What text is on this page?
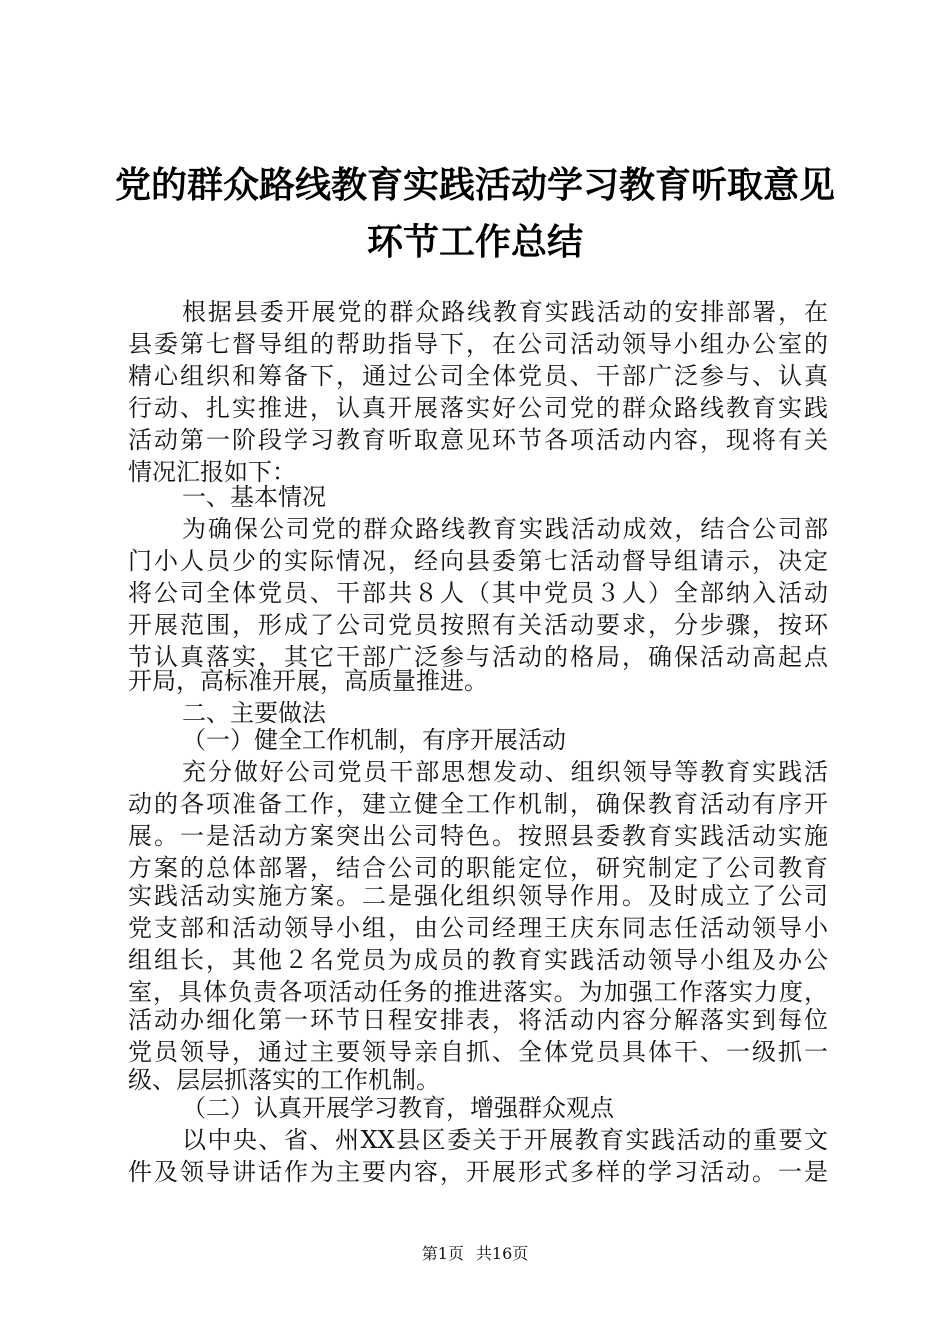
党的群众路线教育实践活动学习教育听取意见
环节工作总结
根据县委开展党的群众路线教育实践活动的安排部署，在
县委第七督导组的帮助指导下，在公司活动领导小组办公室的
精心组织和筹备下，通过公司全体党员、干部广泛参与、认真
行动、扎实推进，认真开展落实好公司党的群众路线教育实践
活动第一阶段学习教育听取意见环节各项活动内容，现将有关
情况汇报如下：
一、基本情况
为确保公司党的群众路线教育实践活动成效，结合公司部
门小人员少的实际情况，经向县委第七活动督导组请示，决定
将公司全体党员、干部共８人（其中党员３人）全部纳入活动
开展范围，形成了公司党员按照有关活动要求，分步骤，按环
节认真落实，其它干部广泛参与活动的格局，确保活动高起点
开局，高标准开展，高质量推进。
二、主要做法
（一）健全工作机制，有序开展活动
充分做好公司党员干部思想发动、组织领导等教育实践活
动的各项准备工作，建立健全工作机制，确保教育活动有序开
展。一是活动方案突出公司特色。按照县委教育实践活动实施
方案的总体部署，结合公司的职能定位，研究制定了公司教育
实践活动实施方案。二是强化组织领导作用。及时成立了公司
党支部和活动领导小组，由公司经理王庆东同志任活动领导小
组组长，其他２名党员为成员的教育实践活动领导小组及办公
室，具体负责各项活动任务的推进落实。为加强工作落实力度，
活动办细化第一环节日程安排表，将活动内容分解落实到每位
党员领导，通过主要领导亲自抓、全体党员具体干、一级抓一
级、层层抓落实的工作机制。
（二）认真开展学习教育，增强群众观点
以中央、省、州XX县区委关于开展教育实践活动的重要文
件及领导讲话作为主要内容，开展形式多样的学习活动。一是
第1页 共16页
